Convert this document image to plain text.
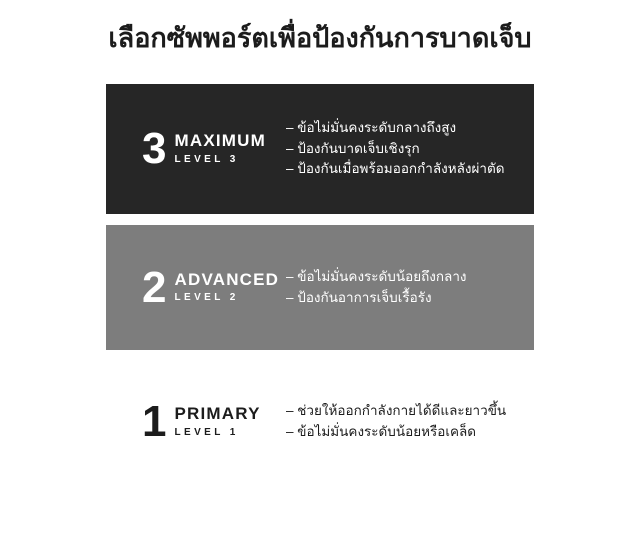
เลือกซัพพอร์ตเพื่อป้องกันการบาดเจ็บ
3 MAXIMUM
LEVEL 3
– ข้อไม่มั่นคงระดับกลางถึงสูง
– ป้องกันบาดเจ็บเชิงรุก
– ป้องกันเมื่อพร้อมออกกำลังหลังผ่าตัด
2 ADVANCED
LEVEL 2
– ข้อไม่มั่นคงระดับน้อยถึงกลาง
– ป้องกันอาการเจ็บเรื้อรัง
1 PRIMARY
LEVEL 1
– ช่วยให้ออกกำลังกายได้ดีและยาวขึ้น
– ข้อไม่มั่นคงระดับน้อยหรือเคล็ด
